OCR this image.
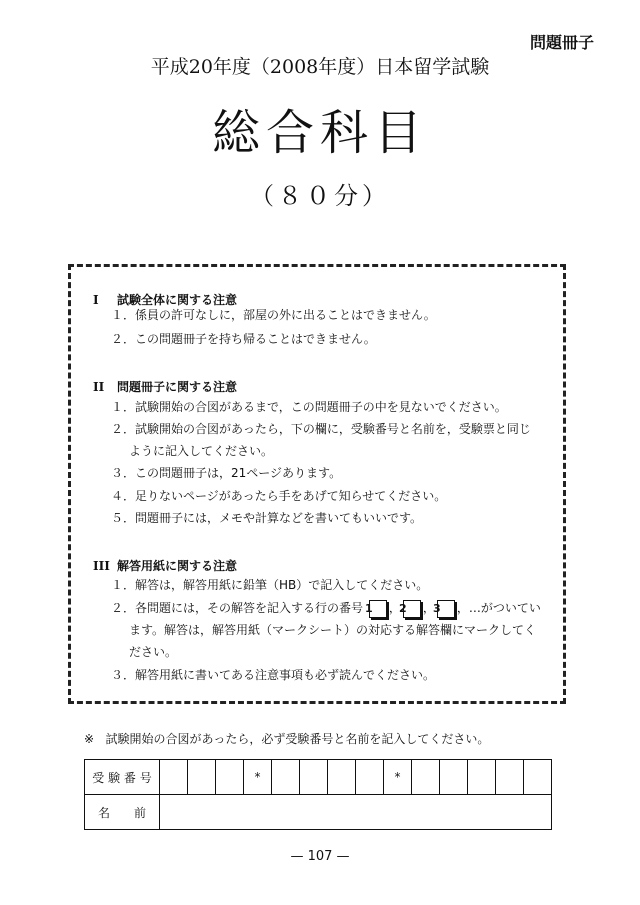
問題冊子
平成20年度（2008年度）日本留学試験
総合科目
（８０分）
I 試験全体に関する注意
１．係員の許可なしに，部屋の外に出ることはできません。
２．この問題冊子を持ち帰ることはできません。
II 問題冊子に関する注意
１．試験開始の合図があるまで，この問題冊子の中を見ないでください。
２．試験開始の合図があったら，下の欄に，受験番号と名前を，受験票と同じように記入してください。
３．この問題冊子は，21ページあります。
４．足りないページがあったら手をあげて知らせてください。
５．問題冊子には，メモや計算などを書いてもいいです。
III 解答用紙に関する注意
１．解答は，解答用紙に鉛筆（HB）で記入してください。
２．各問題には，その解答を記入する行の番号 1 ，2 ，3 ，…がついています。解答は，解答用紙（マークシート）の対応する解答欄にマークしてください。
３．解答用紙に書いてある注意事項も必ず読んでください。
※ 試験開始の合図があったら，必ず受験番号と名前を記入してください。
受 験 番 号				*					*					
名　　前														
— 107 —
